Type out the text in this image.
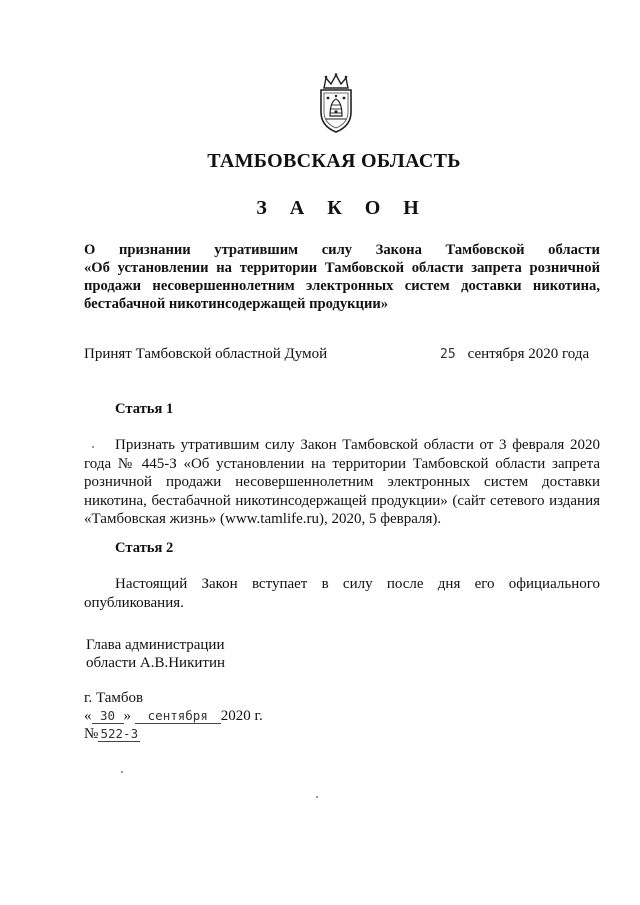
ТАМБОВСКАЯ ОБЛАСТЬ
З А К О Н
О признании утратившим силу Закона Тамбовской области
«Об установлении на территории Тамбовской области запрета розничной продажи несовершеннолетним электронных систем доставки никотина, бестабачной никотинсодержащей продукции»
Принят Тамбовской областной Думой	25 сентября 2020 года
Статья 1
Признать утратившим силу Закон Тамбовской области от 3 февраля 2020 года № 445-З «Об установлении на территории Тамбовской области запрета розничной продажи несовершеннолетним электронных систем доставки никотина, бестабачной никотинсодержащей продукции» (сайт сетевого издания «Тамбовская жизнь» (www.tamlife.ru), 2020, 5 февраля).
Статья 2
Настоящий Закон вступает в силу после дня его официального опубликования.
Глава администрации
области А.В.Никитин
г. Тамбов
« 30 » сентября 2020 г.
№ 522-З
